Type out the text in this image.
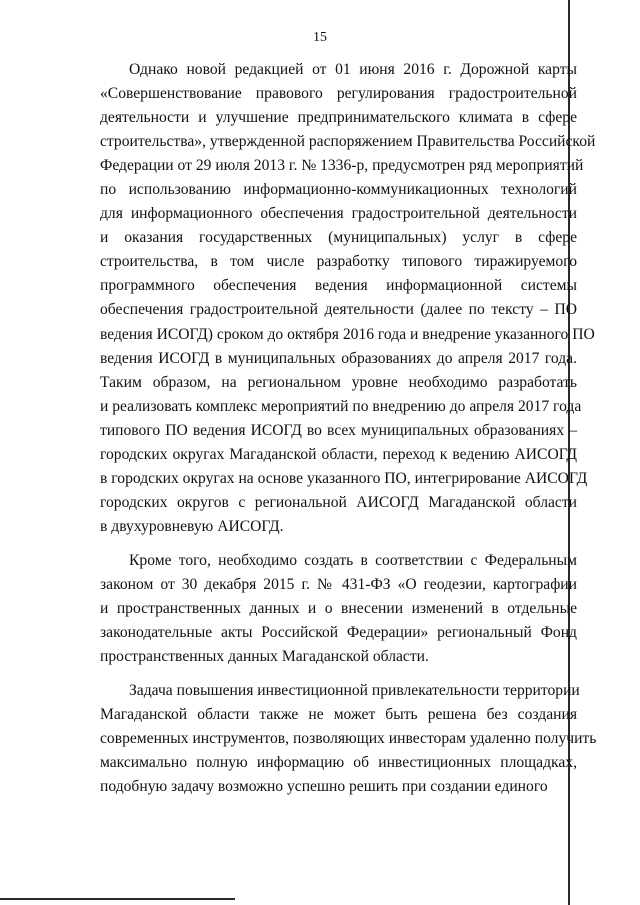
15
Однако новой редакцией от 01 июня 2016 г. Дорожной карты
«Совершенствование правового регулирования градостроительной
деятельности и улучшение предпринимательского климата в сфере
строительства», утвержденной распоряжением Правительства Российской
Федерации от 29 июля 2013 г. № 1336-р, предусмотрен ряд мероприятий
по использованию информационно-коммуникационных технологий
для информационного обеспечения градостроительной деятельности
и оказания государственных (муниципальных) услуг в сфере
строительства, в том числе разработку типового тиражируемого
программного обеспечения ведения информационной системы
обеспечения градостроительной деятельности (далее по тексту – ПО
ведения ИСОГД) сроком до октября 2016 года и внедрение указанного ПО
ведения ИСОГД в муниципальных образованиях до апреля 2017 года.
Таким образом, на региональном уровне необходимо разработать
и реализовать комплекс мероприятий по внедрению до апреля 2017 года
типового ПО ведения ИСОГД во всех муниципальных образованиях –
городских округах Магаданской области, переход к ведению АИСОГД
в городских округах на основе указанного ПО, интегрирование АИСОГД
городских округов с региональной АИСОГД Магаданской области
в двухуровневую АИСОГД.
Кроме того, необходимо создать в соответствии с Федеральным
законом от 30 декабря 2015 г. № 431-ФЗ «О геодезии, картографии
и пространственных данных и о внесении изменений в отдельные
законодательные акты Российской Федерации» региональный Фонд
пространственных данных Магаданской области.
Задача повышения инвестиционной привлекательности территории
Магаданской области также не может быть решена без создания
современных инструментов, позволяющих инвесторам удаленно получить
максимально полную информацию об инвестиционных площадках,
подобную задачу возможно успешно решить при создании единого
